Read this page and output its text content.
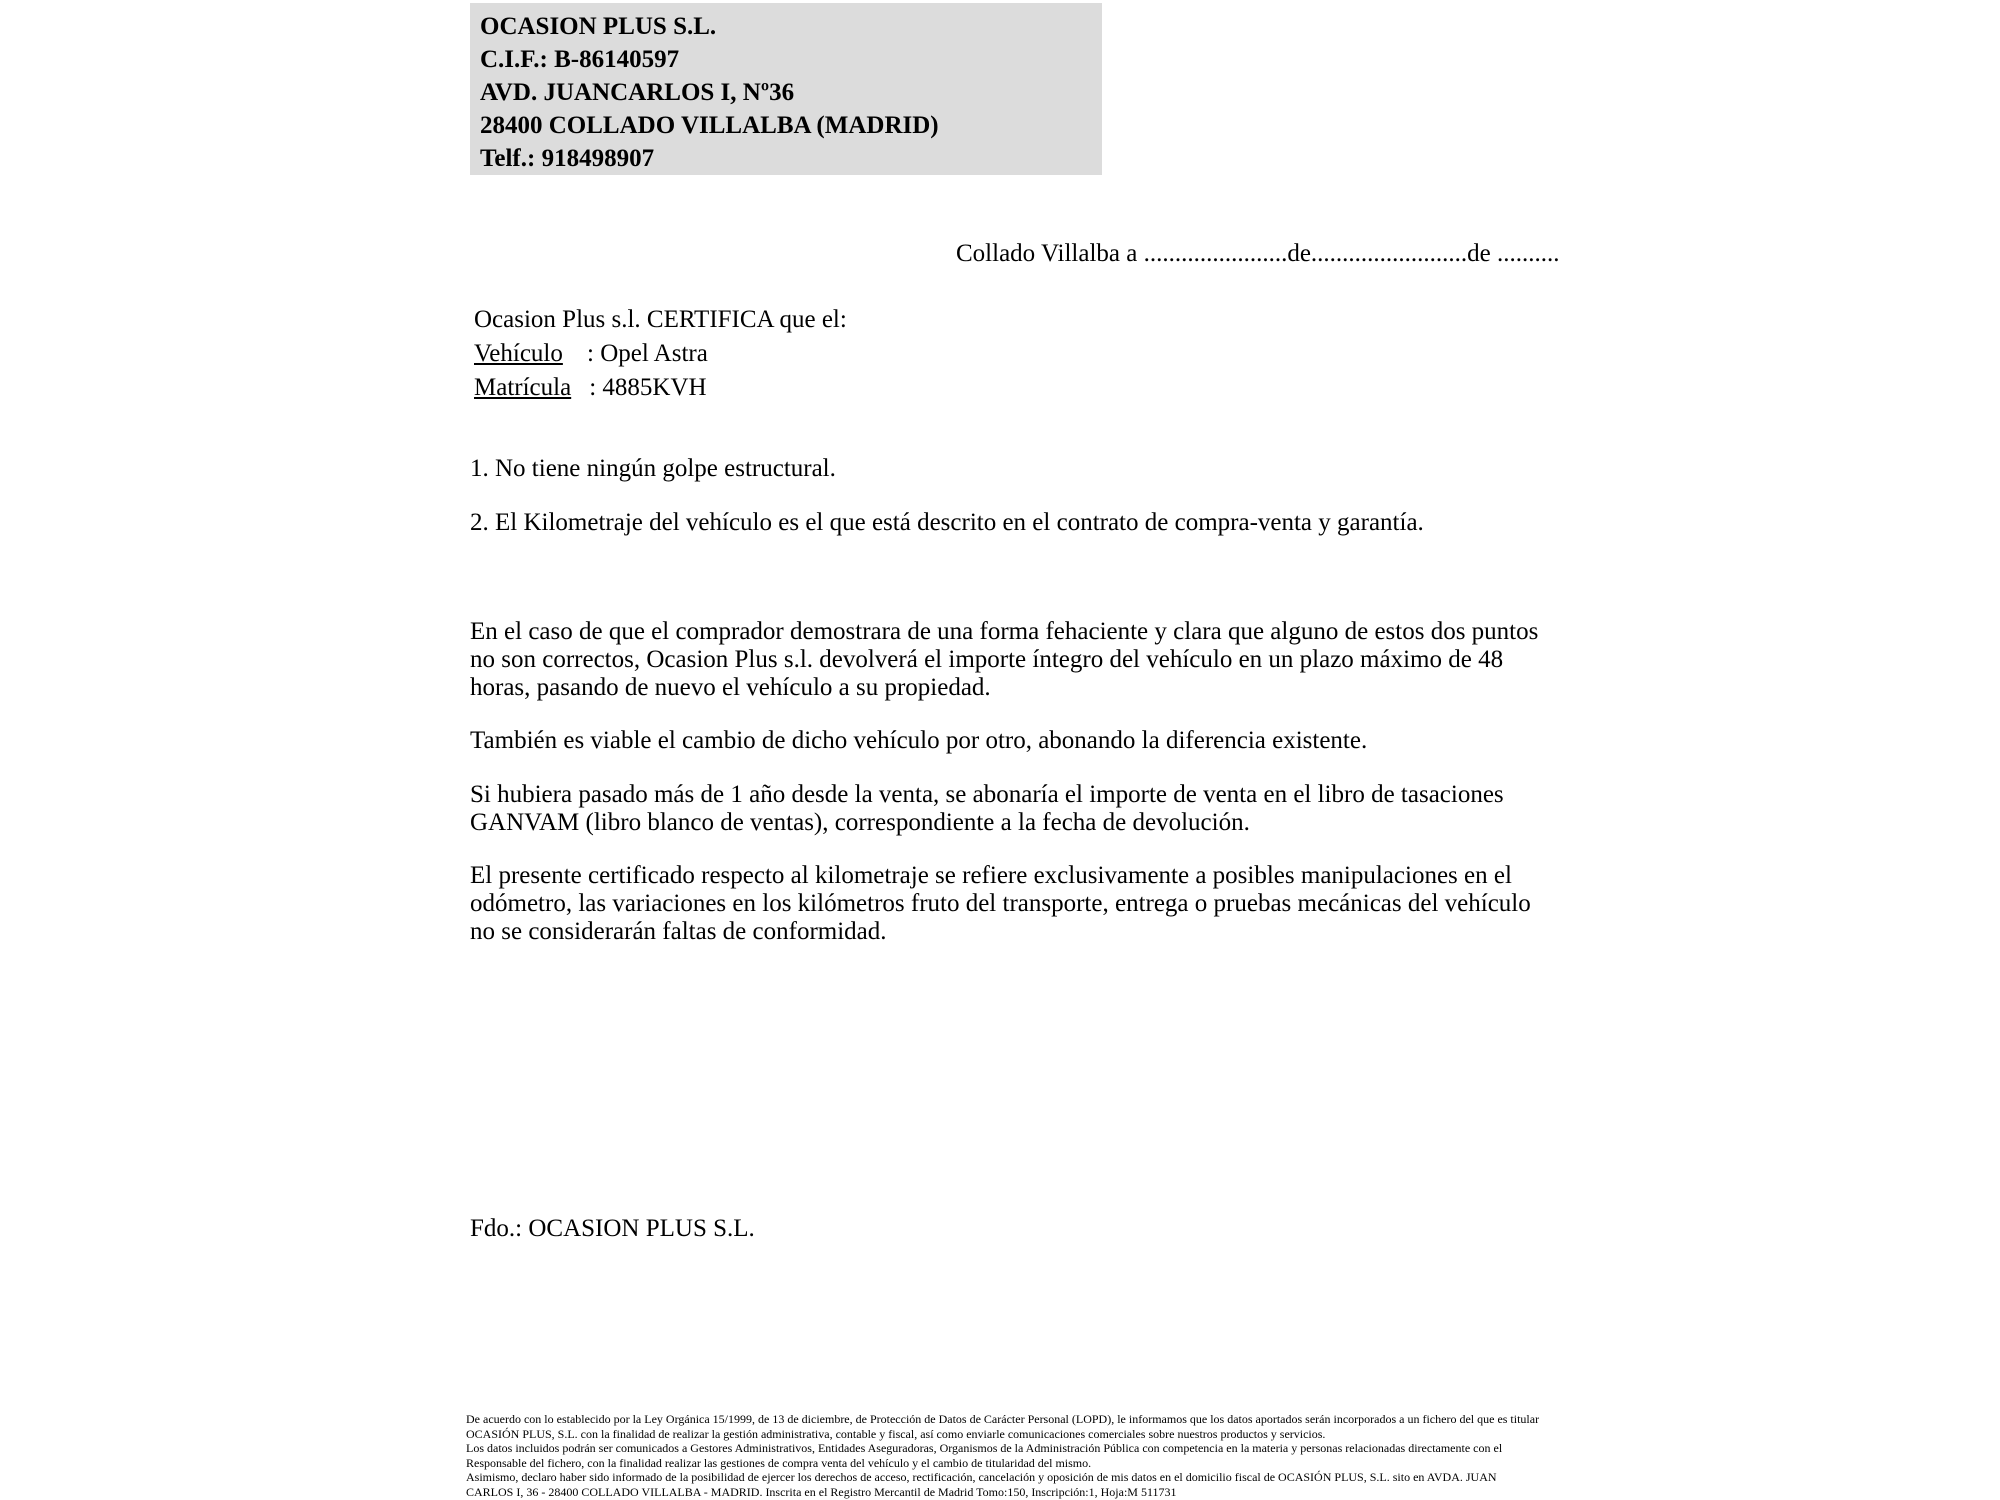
OCASION PLUS S.L.
C.I.F.: B-86140597
AVD. JUANCARLOS I, Nº36
28400 COLLADO VILLALBA (MADRID)
Telf.: 918498907
Collado Villalba a .......................de.........................de ..........
Ocasion Plus s.l. CERTIFICA que el:
Vehículo : Opel Astra
Matrícula : 4885KVH
1. No tiene ningún golpe estructural.
2. El Kilometraje del vehículo es el que está descrito en el contrato de compra-venta y garantía.
En el caso de que el comprador demostrara de una forma fehaciente y clara que alguno de estos dos puntos no son correctos, Ocasion Plus s.l. devolverá el importe íntegro del vehículo en un plazo máximo de 48 horas, pasando de nuevo el vehículo a su propiedad.
También es viable el cambio de dicho vehículo por otro, abonando la diferencia existente.
Si hubiera pasado más de 1 año desde la venta, se abonaría el importe de venta en el libro de tasaciones GANVAM (libro blanco de ventas), correspondiente a la fecha de devolución.
El presente certificado respecto al kilometraje se refiere exclusivamente a posibles manipulaciones en el odómetro, las variaciones en los kilómetros fruto del transporte, entrega o pruebas mecánicas del vehículo no se considerarán faltas de conformidad.
Fdo.: OCASION PLUS S.L.
De acuerdo con lo establecido por la Ley Orgánica 15/1999, de 13 de diciembre, de Protección de Datos de Carácter Personal (LOPD), le informamos que los datos aportados serán incorporados a un fichero del que es titular
OCASIÓN PLUS, S.L. con la finalidad de realizar la gestión administrativa, contable y fiscal, así como enviarle comunicaciones comerciales sobre nuestros productos y servicios.
Los datos incluidos podrán ser comunicados a Gestores Administrativos, Entidades Aseguradoras, Organismos de la Administración Pública con competencia en la materia y personas relacionadas directamente con el
Responsable del fichero, con la finalidad realizar las gestiones de compra venta del vehículo y el cambio de titularidad del mismo.
Asimismo, declaro haber sido informado de la posibilidad de ejercer los derechos de acceso, rectificación, cancelación y oposición de mis datos en el domicilio fiscal de OCASIÓN PLUS, S.L. sito en AVDA. JUAN
CARLOS I, 36 - 28400 COLLADO VILLALBA - MADRID. Inscrita en el Registro Mercantil de Madrid Tomo:150, Inscripción:1, Hoja:M 511731
